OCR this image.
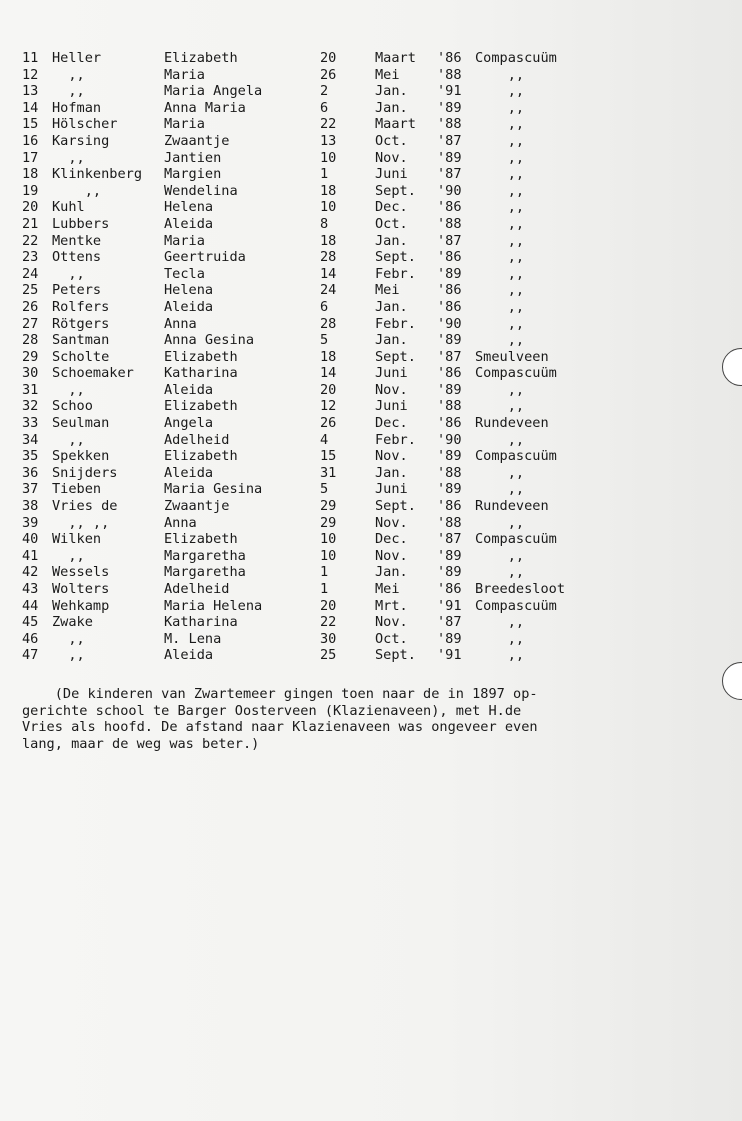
11 Heller	Elizabeth	20	Maart '86 Compascuüm
12 ,,	Maria	26	Mei	'88 ,,
13 ,,	Maria Angela	2	Jan. '91 ,,
14 Hofman	Anna Maria	6	Jan. '89 ,,
15 Hölscher	Maria	22	Maart '88 ,,
16 Karsing	Zwaantje	13	Oct. '87 ,,
17 ,,	Jantien	10	Nov. '89 ,,
18 Klinkenberg Margien	1	Juni '87 ,,
19 ,,	Wendelina	18	Sept. '90 ,,
20 Kuhl	Helena	10	Dec. '86 ,,
21 Lubbers	Aleida	8	Oct. '88 ,,
22 Mentke	Maria	18	Jan. '87 ,,
23 Ottens	Geertruida	28	Sept. '86 ,,
24 ,,	Tecla	14	Febr. '89 ,,
25 Peters	Helena	24	Mei	'86 ,,
26 Rolfers	Aleida	6	Jan. '86 ,,
27 Rötgers	Anna	28	Febr. '90 ,,
28 Santman	Anna Gesina	5	Jan. '89 ,,
29 Scholte	Elizabeth	18	Sept. '87 Smeulveen
30 Schoemaker Katharina	14	Juni '86 Compascuüm
31 ,,	Aleida	20	Nov. '89 ,,
32 Schoo	Elizabeth	12	Juni '88 ,,
33 Seulman	Angela	26	Dec. '86 Rundeveen
34 ,,	Adelheid	4	Febr. '90 ,,
35 Spekken	Elizabeth	15	Nov. '89 Compascuüm
36 Snijders	Aleida	31	Jan. '88 ,,
37 Tieben	Maria Gesina	5	Juni '89 ,,
38 Vries de	Zwaantje	29	Sept. '86 Rundeveen
39 ,, ,,	Anna	29	Nov. '88 ,,
40 Wilken	Elizabeth	10	Dec. '87 Compascuüm
41 ,,	Margaretha	10	Nov. '89 ,,
42 Wessels	Margaretha	1	Jan. '89 ,,
43 Wolters	Adelheid	1	Mei	'86 Breedesloot
44 Wehkamp	Maria Helena	20	Mrt. '91 Compascuüm
45 Zwake	Katharina	22	Nov. '87 ,,
46 ,,	M. Lena	30	Oct. '89 ,,
47 ,,	Aleida	25	Sept. '91 ,,
(De kinderen van Zwartemeer gingen toen naar de in 1897 op-
gerichte school te Barger Oosterveen (Klazienaveen), met H.de
Vries als hoofd. De afstand naar Klazienaveen was ongeveer even
lang, maar de weg was beter.)
